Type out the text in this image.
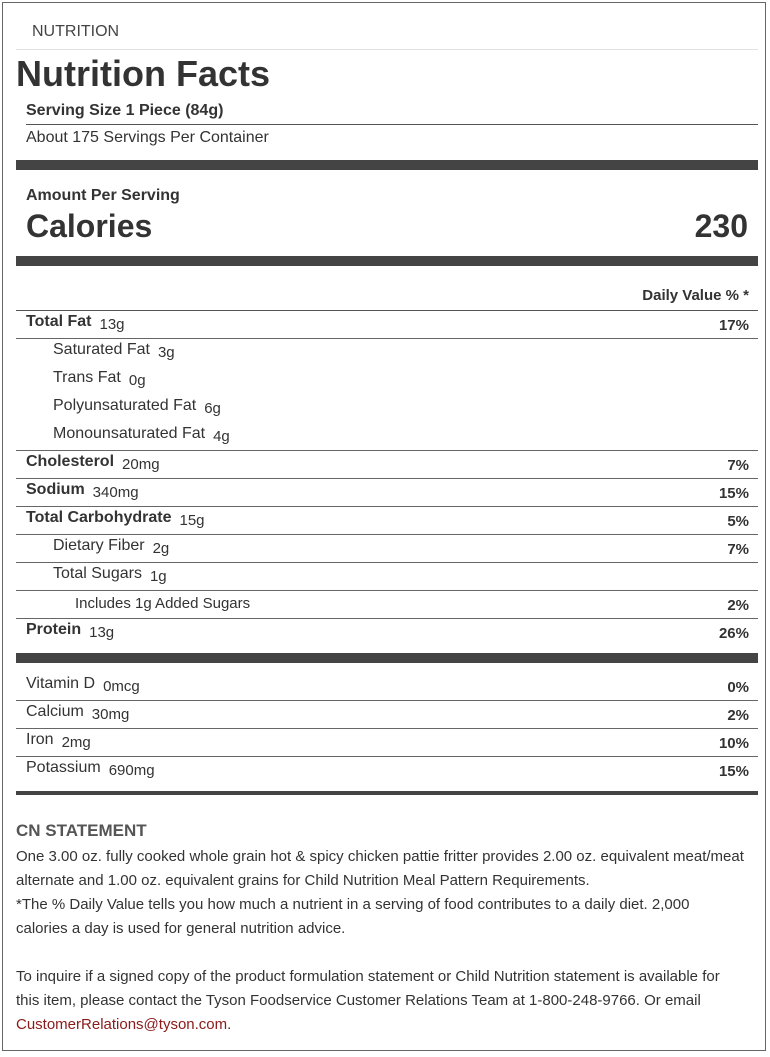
NUTRITION
Nutrition Facts
Serving Size 1 Piece (84g)
About 175 Servings Per Container
Amount Per Serving
Calories	230
Daily Value % *
Total Fat 13g	17%
Saturated Fat 3g
Trans Fat 0g
Polyunsaturated Fat 6g
Monounsaturated Fat 4g
Cholesterol 20mg	7%
Sodium 340mg	15%
Total Carbohydrate 15g	5%
Dietary Fiber 2g	7%
Total Sugars 1g
Includes 1g Added Sugars	2%
Protein 13g	26%
Vitamin D 0mcg	0%
Calcium 30mg	2%
Iron 2mg	10%
Potassium 690mg	15%
CN STATEMENT

One 3.00 oz. fully cooked whole grain hot & spicy chicken pattie fritter provides 2.00 oz. equivalent meat/meat alternate and 1.00 oz. equivalent grains for Child Nutrition Meal Pattern Requirements.

*The % Daily Value tells you how much a nutrient in a serving of food contributes to a daily diet. 2,000 calories a day is used for general nutrition advice.

To inquire if a signed copy of the product formulation statement or Child Nutrition statement is available for this item, please contact the Tyson Foodservice Customer Relations Team at 1-800-248-9766. Or email CustomerRelations@tyson.com.
